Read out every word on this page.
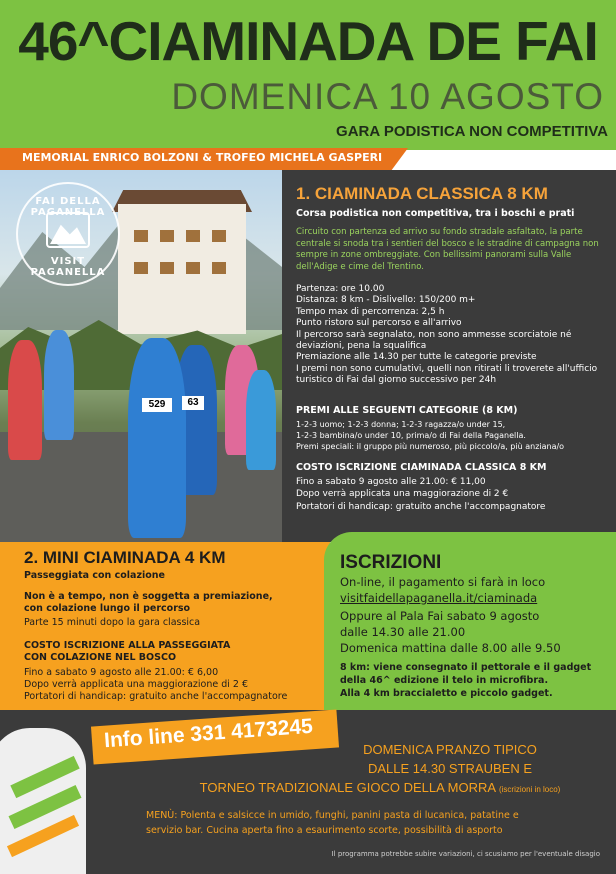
46^CIAMINADA DE FAI
DOMENICA 10 AGOSTO
GARA PODISTICA NON COMPETITIVA
MEMORIAL ENRICO BOLZONI & TROFEO MICHELA GASPERI
529	63
FAI DELLA PAGANELLA
VISIT PAGANELLA
1. CIAMINADA CLASSICA 8 KM
Corsa podistica non competitiva, tra i boschi e prati
Circuito con partenza ed arrivo su fondo stradale asfaltato, la parte centrale si snoda tra i sentieri del bosco e le stradine di campagna non sempre in zone ombreggiate. Con bellissimi panorami sulla Valle dell'Adige e cime del Trentino.
Partenza: ore 10.00
Distanza: 8 km - Dislivello: 150/200 m+
Tempo max di percorrenza: 2,5 h
Punto ristoro sul percorso e all'arrivo
Il percorso sarà segnalato, non sono ammesse scorciatoie né deviazioni, pena la squalifica
Premiazione alle 14.30 per tutte le categorie previste
I premi non sono cumulativi, quelli non ritirati li troverete all'ufficio turistico di Fai dal giorno successivo per 24h
PREMI ALLE SEGUENTI CATEGORIE (8 KM)
1-2-3 uomo; 1-2-3 donna; 1-2-3 ragazza/o under 15,
1-2-3 bambina/o under 10, prima/o di Fai della Paganella.
Premi speciali: il gruppo più numeroso, più piccolo/a, più anziana/o
COSTO ISCRIZIONE CIAMINADA CLASSICA 8 KM
Fino a sabato 9 agosto alle 21.00: € 11,00
Dopo verrà applicata una maggiorazione di 2 €
Portatori di handicap: gratuito anche l'accompagnatore
2. MINI CIAMINADA 4 KM
Passeggiata con colazione
Non è a tempo, non è soggetta a premiazione,
con colazione lungo il percorso
Parte 15 minuti dopo la gara classica
COSTO ISCRIZIONE ALLA PASSEGGIATA
CON COLAZIONE NEL BOSCO
Fino a sabato 9 agosto alle 21.00: € 6,00
Dopo verrà applicata una maggiorazione di 2 €
Portatori di handicap: gratuito anche l'accompagnatore
ISCRIZIONI
On-line, il pagamento si farà in loco
visitfaidellapaganella.it/ciaminada
Oppure al Pala Fai sabato 9 agosto
dalle 14.30 alle 21.00
Domenica mattina dalle 8.00 alle 9.50
8 km: viene consegnato il pettorale e il gadget
della 46^ edizione il telo in microfibra.
Alla 4 km braccialetto e piccolo gadget.
Info line 331 4173245	DOMENICA PRANZO TIPICO
DALLE 14.30 STRAUBEN E
TORNEO TRADIZIONALE GIOCO DELLA MORRA (iscrizioni in loco)
MENÙ: Polenta e salsicce in umido, funghi, panini pasta di lucanica, patatine e
servizio bar. Cucina aperta fino a esaurimento scorte, possibilità di asporto
Il programma potrebbe subire variazioni, ci scusiamo per l'eventuale disagio
